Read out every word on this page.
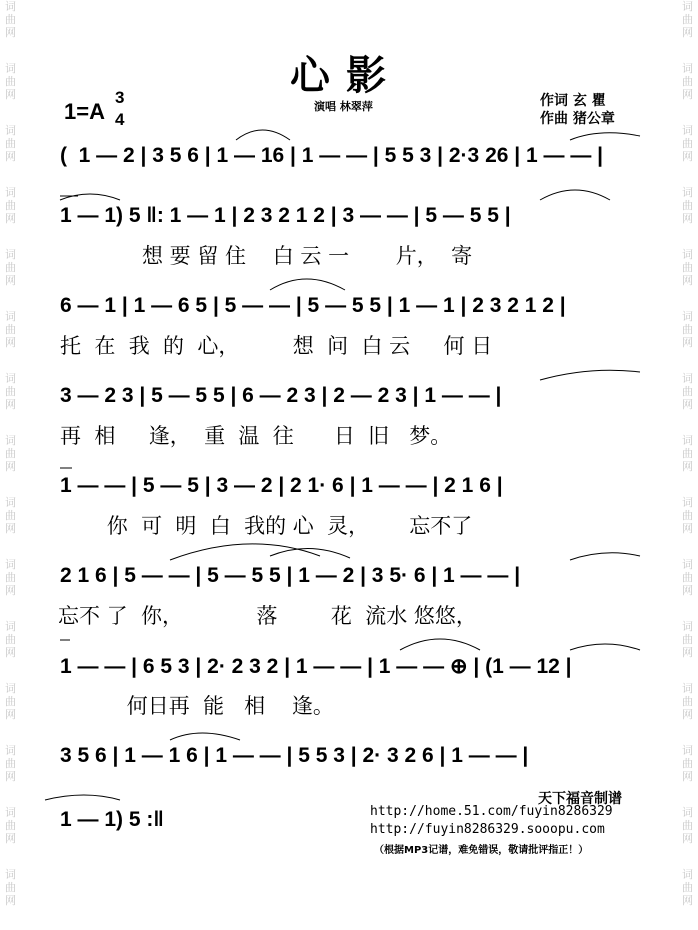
心影
1=A
3
4
演唱 林翠萍	作词 玄 瞿
作曲 猪公章
(  1 — 2 | 3 5 6 | 1 — 16 | 1 — — | 5 5 3 | 2·3 26 | 1 — — |
1 — 1) 5 ‖: 1 — 1 | 2 3 2 1 2 | 3 — — | 5 — 5 5 |
想 要 留 住    白 云 一       片，  寄
6 — 1 | 1 — 6 5 | 5 — — | 5 — 5 5 | 1 — 1 | 2 3 2 1 2 |
托  在  我  的  心，        想  问  白 云     何 日
3 — 2 3 | 5 — 5 5 | 6 — 2 3 | 2 — 2 3 | 1 — — |
再  相     逢，  重  温  往      日  旧   梦。
1 — — | 5 — 5 | 3 — 2 | 2 1· 6 | 1 — — | 2 1 6 |
你  可  明  白  我的 心  灵，      忘不了
2 1 6 | 5 — — | 5 — 5 5 | 1 — 2 | 3 5· 6 | 1 — — |
忘不 了  你，           落        花  流水 悠悠，
1 — — | 6 5 3 | 2· 2 3 2 | 1 — — | 1 — — ⊕ | (1 — 12 |
何日再  能   相    逢。
3 5 6 | 1 — 1 6 | 1 — — | 5 5 3 | 2· 3 2 6 | 1 — — |
1 — 1) 5 :‖
天下福音制谱
http://home.51.com/fuyin8286329
http://fuyin8286329.sooopu.com
（根据MP3记谱，难免错误，敬请批评指正！）
词
曲
网
词
曲
网
词
曲
网
词
曲
网
词
曲
网
词
曲
网
词
曲
网
词
曲
网
词
曲
网
词
曲
网
词
曲
网
词
曲
网
词
曲
网
词
曲
网
词
曲
网
词
曲
网
词
曲
网
词
曲
网
词
曲
网
词
曲
网
词
曲
网
词
曲
网
词
曲
网
词
曲
网
词
曲
网
词
曲
网
词
曲
网
词
曲
网
词
曲
网
词
曲
网
